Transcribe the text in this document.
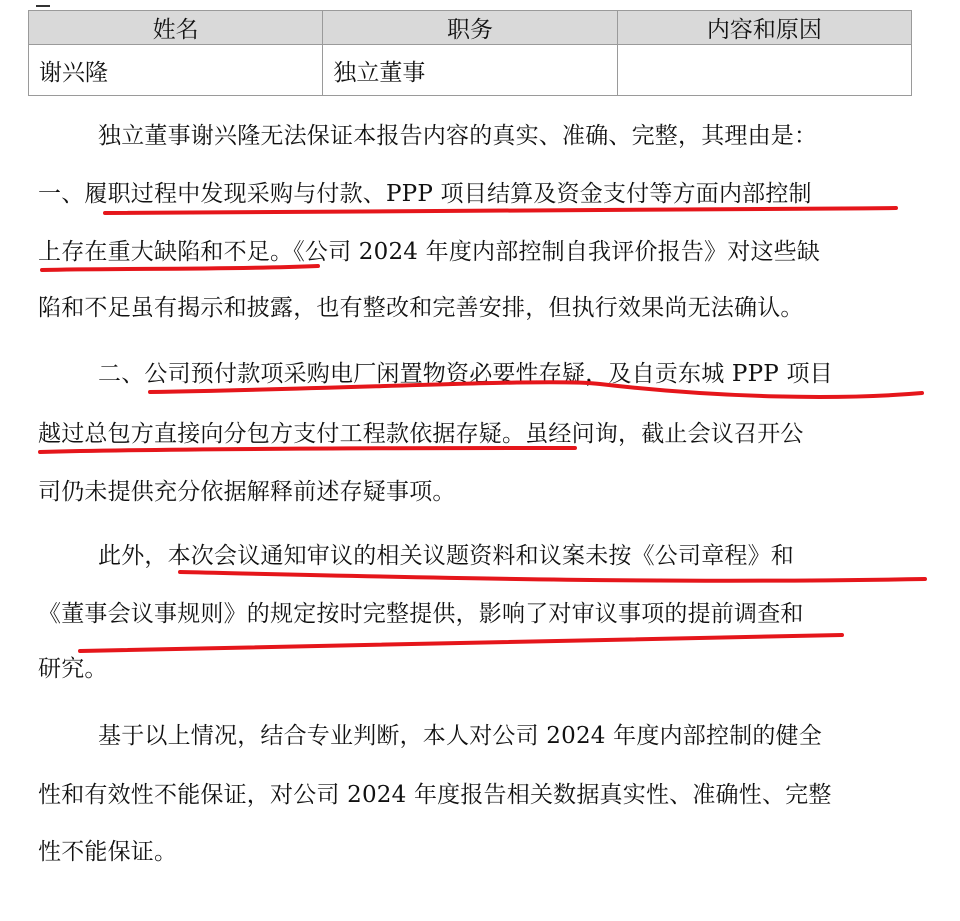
姓名	职务	内容和原因
谢兴隆	独立董事	
独立董事谢兴隆无法保证本报告内容的真实、准确、完整，其理由是：
一、履职过程中发现采购与付款、PPP 项目结算及资金支付等方面内部控制
上存在重大缺陷和不足。《公司 2024 年度内部控制自我评价报告》对这些缺
陷和不足虽有揭示和披露，也有整改和完善安排，但执行效果尚无法确认。
二、公司预付款项采购电厂闲置物资必要性存疑，及自贡东城 PPP 项目
越过总包方直接向分包方支付工程款依据存疑。虽经问询，截止会议召开公
司仍未提供充分依据解释前述存疑事项。
此外，本次会议通知审议的相关议题资料和议案未按《公司章程》和
《董事会议事规则》的规定按时完整提供，影响了对审议事项的提前调查和
研究。
基于以上情况，结合专业判断，本人对公司 2024 年度内部控制的健全
性和有效性不能保证，对公司 2024 年度报告相关数据真实性、准确性、完整
性不能保证。
